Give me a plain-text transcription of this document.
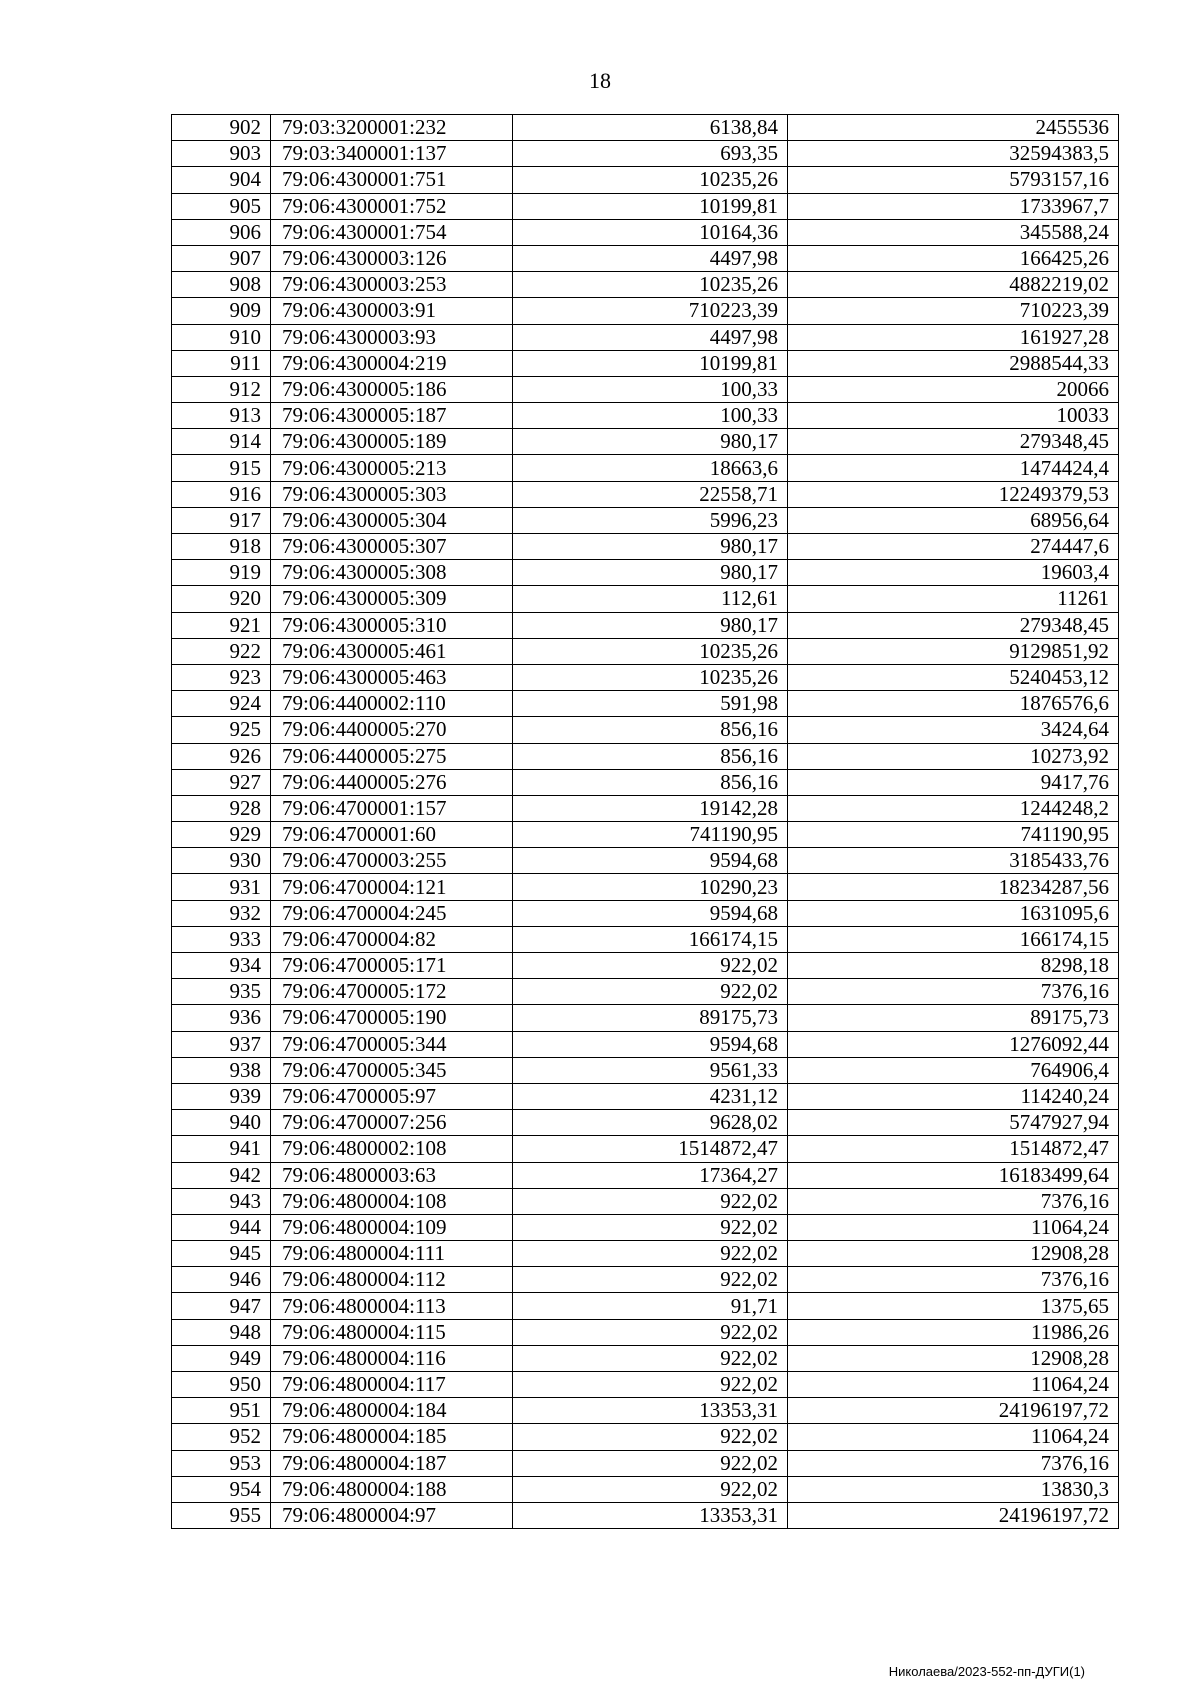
18
902	79:03:3200001:232	6138,84	2455536
903	79:03:3400001:137	693,35	32594383,5
904	79:06:4300001:751	10235,26	5793157,16
905	79:06:4300001:752	10199,81	1733967,7
906	79:06:4300001:754	10164,36	345588,24
907	79:06:4300003:126	4497,98	166425,26
908	79:06:4300003:253	10235,26	4882219,02
909	79:06:4300003:91	710223,39	710223,39
910	79:06:4300003:93	4497,98	161927,28
911	79:06:4300004:219	10199,81	2988544,33
912	79:06:4300005:186	100,33	20066
913	79:06:4300005:187	100,33	10033
914	79:06:4300005:189	980,17	279348,45
915	79:06:4300005:213	18663,6	1474424,4
916	79:06:4300005:303	22558,71	12249379,53
917	79:06:4300005:304	5996,23	68956,64
918	79:06:4300005:307	980,17	274447,6
919	79:06:4300005:308	980,17	19603,4
920	79:06:4300005:309	112,61	11261
921	79:06:4300005:310	980,17	279348,45
922	79:06:4300005:461	10235,26	9129851,92
923	79:06:4300005:463	10235,26	5240453,12
924	79:06:4400002:110	591,98	1876576,6
925	79:06:4400005:270	856,16	3424,64
926	79:06:4400005:275	856,16	10273,92
927	79:06:4400005:276	856,16	9417,76
928	79:06:4700001:157	19142,28	1244248,2
929	79:06:4700001:60	741190,95	741190,95
930	79:06:4700003:255	9594,68	3185433,76
931	79:06:4700004:121	10290,23	18234287,56
932	79:06:4700004:245	9594,68	1631095,6
933	79:06:4700004:82	166174,15	166174,15
934	79:06:4700005:171	922,02	8298,18
935	79:06:4700005:172	922,02	7376,16
936	79:06:4700005:190	89175,73	89175,73
937	79:06:4700005:344	9594,68	1276092,44
938	79:06:4700005:345	9561,33	764906,4
939	79:06:4700005:97	4231,12	114240,24
940	79:06:4700007:256	9628,02	5747927,94
941	79:06:4800002:108	1514872,47	1514872,47
942	79:06:4800003:63	17364,27	16183499,64
943	79:06:4800004:108	922,02	7376,16
944	79:06:4800004:109	922,02	11064,24
945	79:06:4800004:111	922,02	12908,28
946	79:06:4800004:112	922,02	7376,16
947	79:06:4800004:113	91,71	1375,65
948	79:06:4800004:115	922,02	11986,26
949	79:06:4800004:116	922,02	12908,28
950	79:06:4800004:117	922,02	11064,24
951	79:06:4800004:184	13353,31	24196197,72
952	79:06:4800004:185	922,02	11064,24
953	79:06:4800004:187	922,02	7376,16
954	79:06:4800004:188	922,02	13830,3
955	79:06:4800004:97	13353,31	24196197,72
Николаева/2023-552-пп-ДУГИ(1)
